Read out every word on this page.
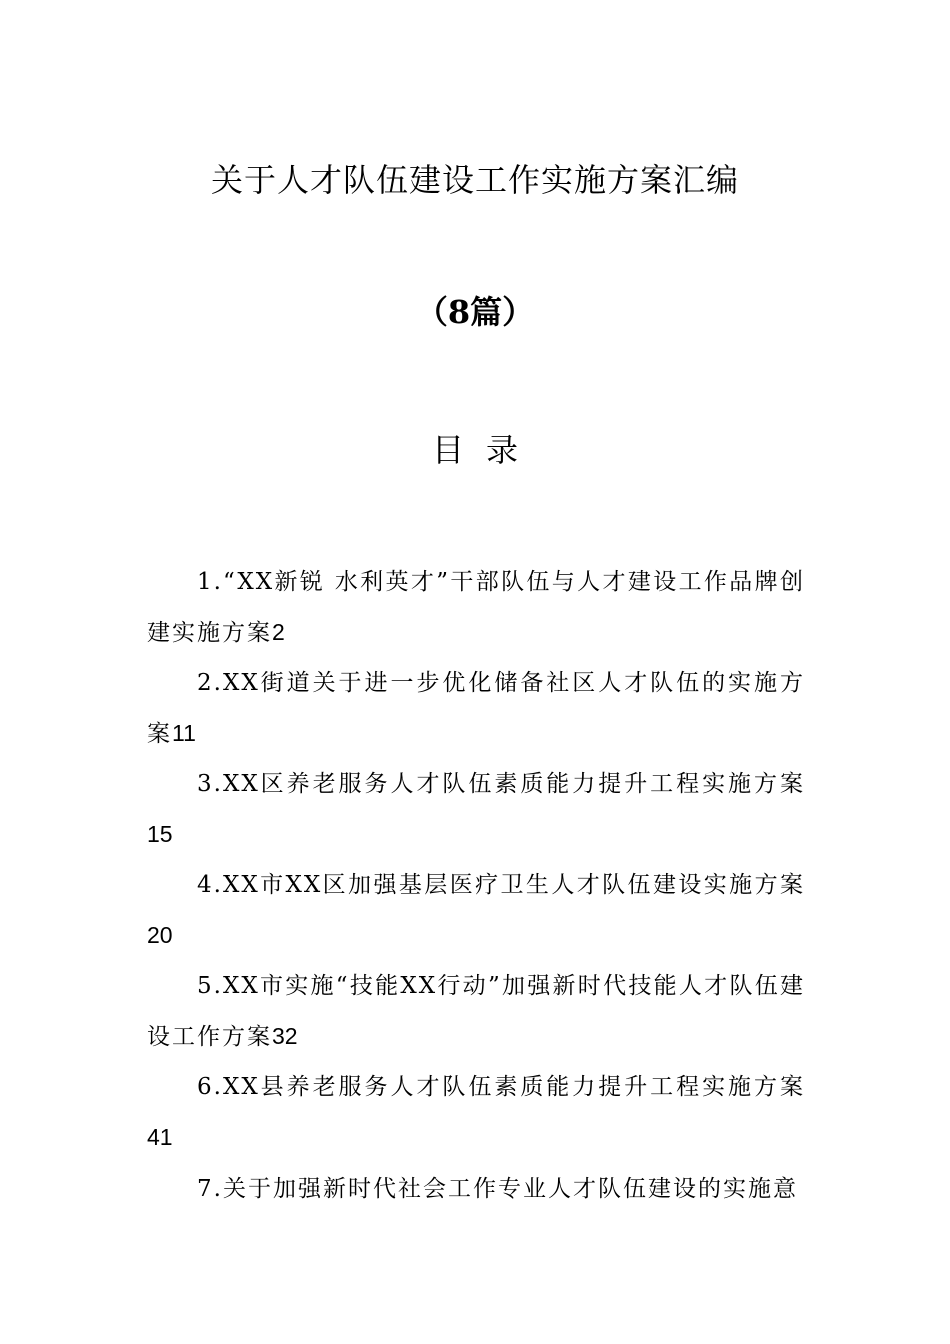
关于人才队伍建设工作实施方案汇编
（8篇）
目录
1.“XX新锐 水利英才”干部队伍与人才建设工作品牌创建实施方案2
2.XX街道关于进一步优化储备社区人才队伍的实施方案11
3.XX区养老服务人才队伍素质能力提升工程实施方案15
4.XX市XX区加强基层医疗卫生人才队伍建设实施方案20
5.XX市实施“技能XX行动”加强新时代技能人才队伍建设工作方案32
6.XX县养老服务人才队伍素质能力提升工程实施方案41
7.关于加强新时代社会工作专业人才队伍建设的实施意
